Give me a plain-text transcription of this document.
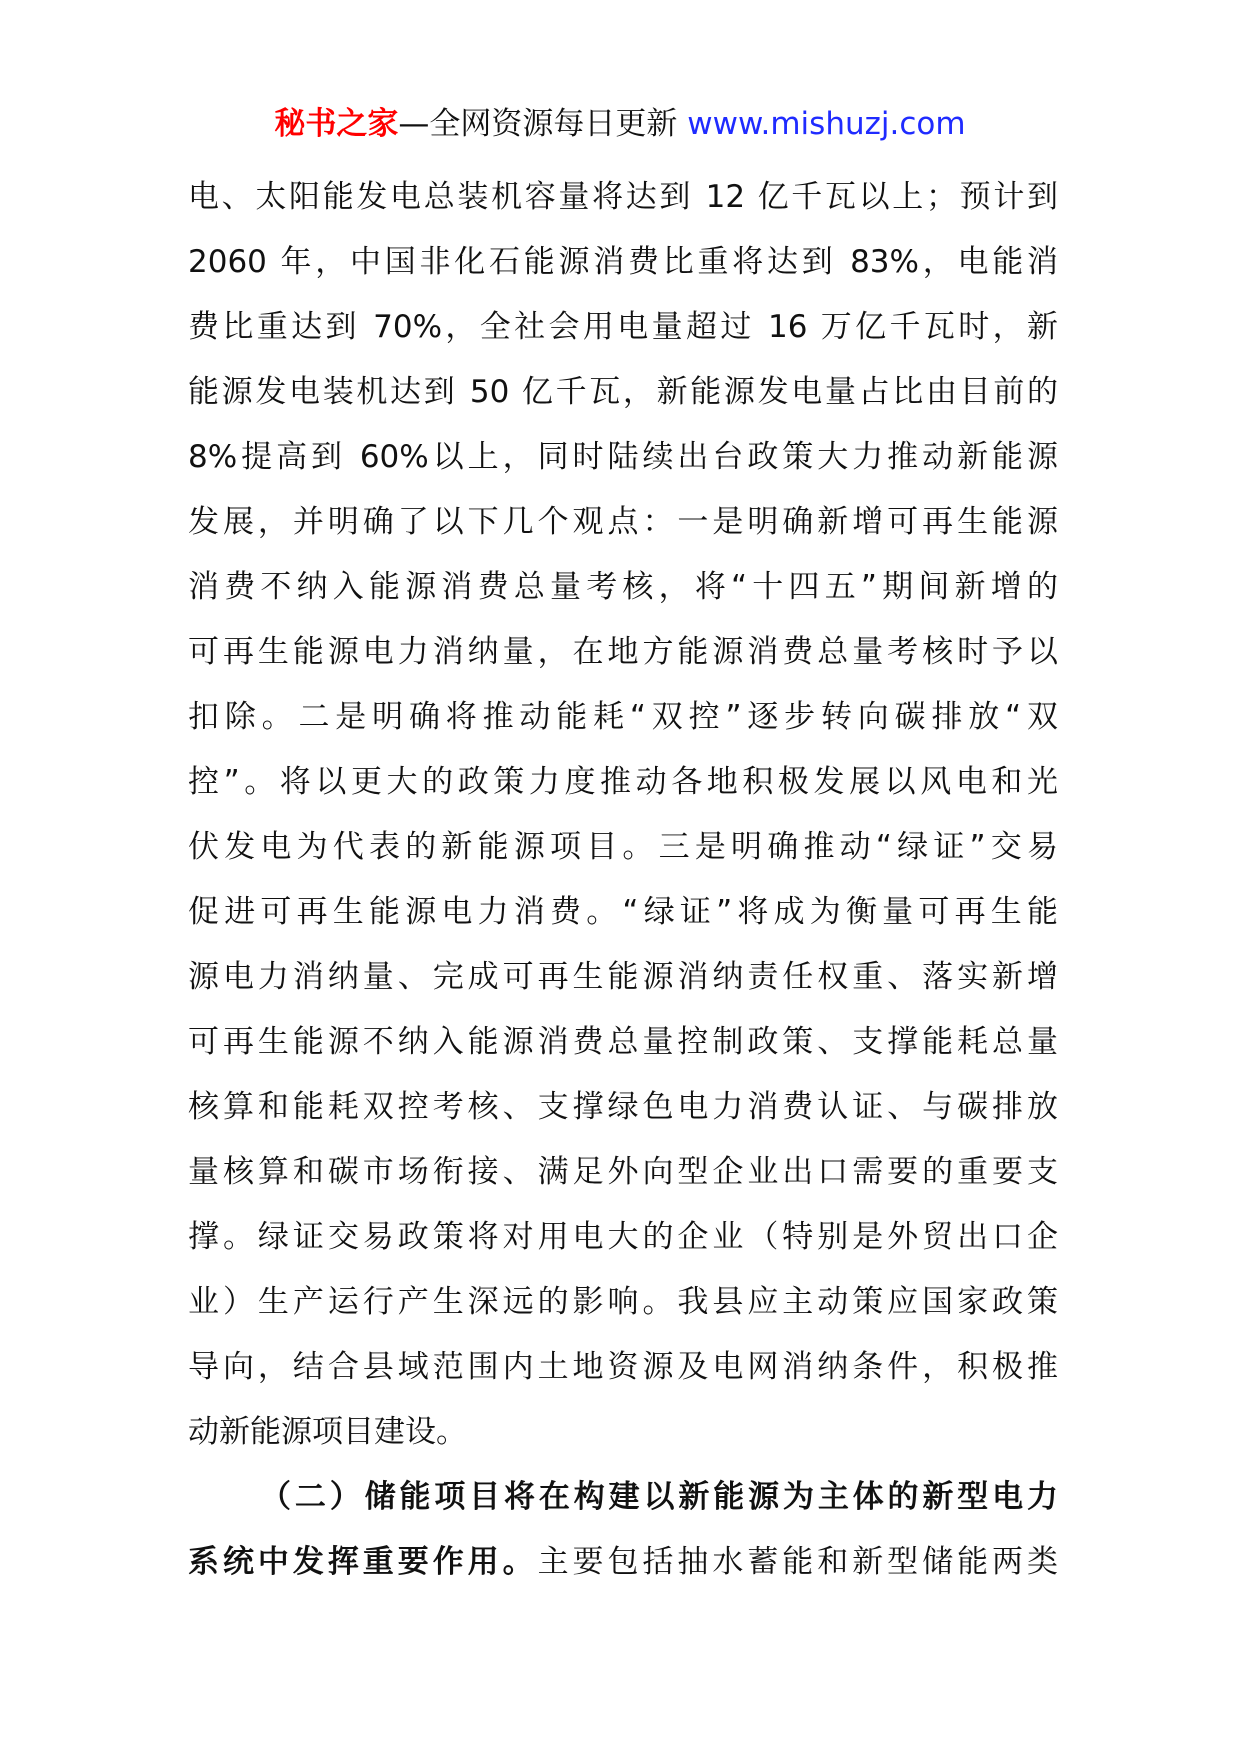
秘书之家—全网资源每日更新 www.mishuzj.com
电、太阳能发电总装机容量将达到 12 亿千瓦以上；预计到
2060 年，中国非化石能源消费比重将达到 83%，电能消
费比重达到 70%，全社会用电量超过 16 万亿千瓦时，新
能源发电装机达到 50 亿千瓦，新能源发电量占比由目前的
8%提高到 60%以上，同时陆续出台政策大力推动新能源
发展，并明确了以下几个观点：一是明确新增可再生能源
消费不纳入能源消费总量考核，将“十四五”期间新增的
可再生能源电力消纳量，在地方能源消费总量考核时予以
扣除。二是明确将推动能耗“双控”逐步转向碳排放“双
控”。将以更大的政策力度推动各地积极发展以风电和光
伏发电为代表的新能源项目。三是明确推动“绿证”交易
促进可再生能源电力消费。“绿证”将成为衡量可再生能
源电力消纳量、完成可再生能源消纳责任权重、落实新增
可再生能源不纳入能源消费总量控制政策、支撑能耗总量
核算和能耗双控考核、支撑绿色电力消费认证、与碳排放
量核算和碳市场衔接、满足外向型企业出口需要的重要支
撑。绿证交易政策将对用电大的企业（特别是外贸出口企
业）生产运行产生深远的影响。我县应主动策应国家政策
导向，结合县域范围内土地资源及电网消纳条件，积极推
动新能源项目建设。
（二）储能项目将在构建以新能源为主体的新型电力
系统中发挥重要作用。主要包括抽水蓄能和新型储能两类
